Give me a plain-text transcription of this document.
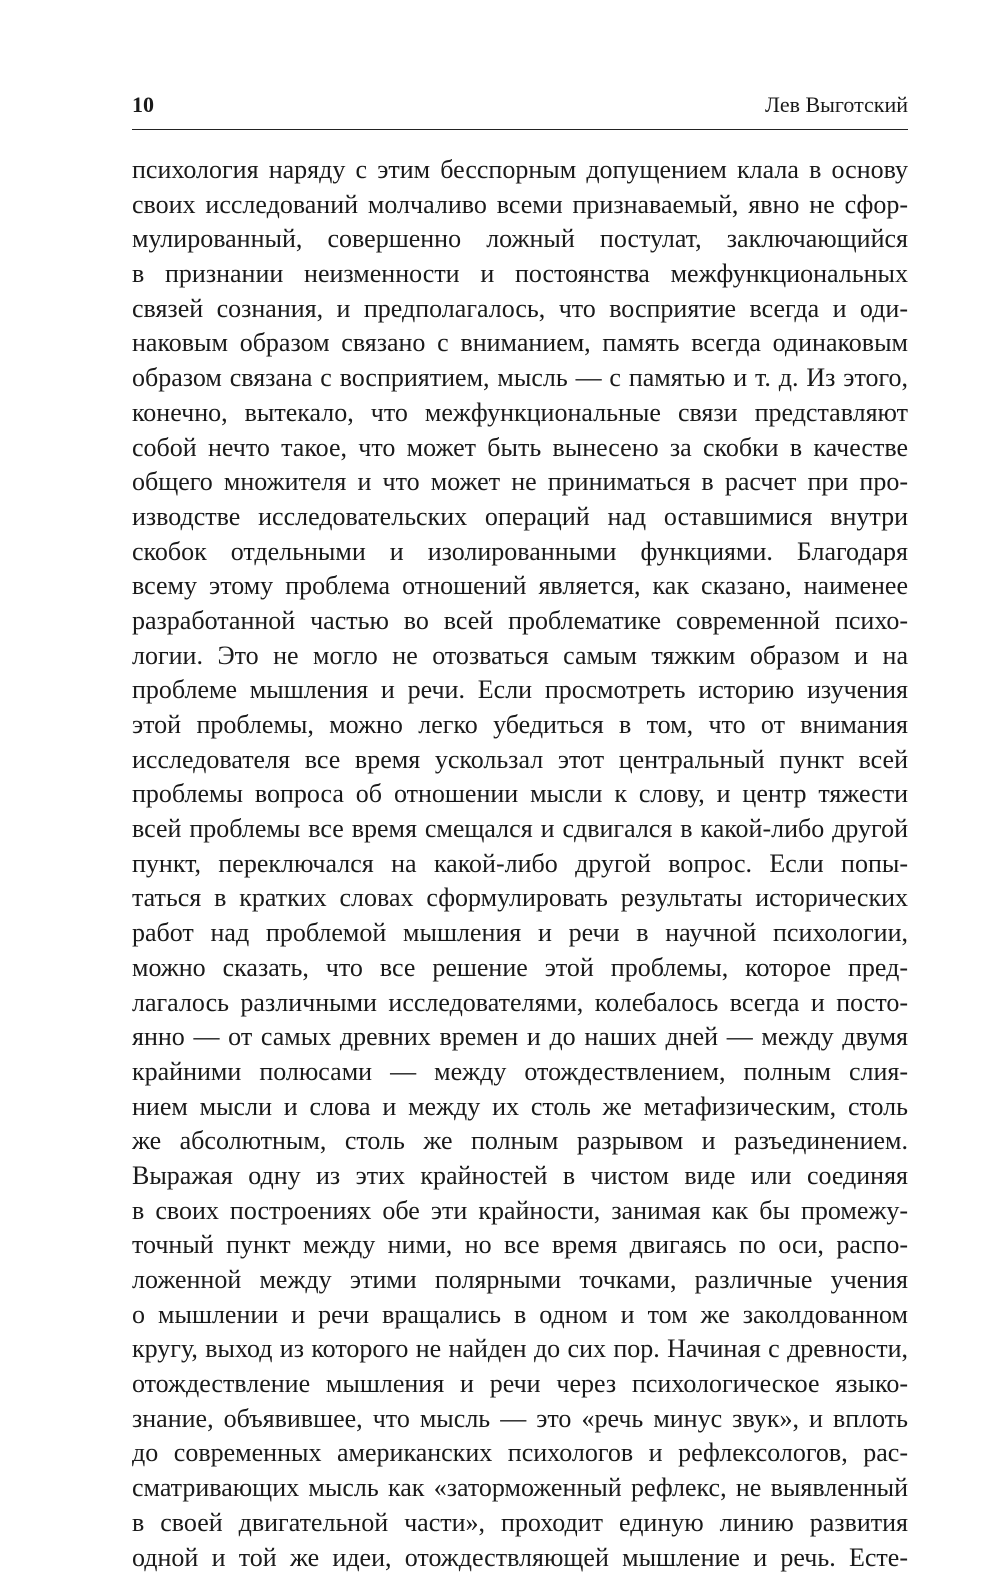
10	Лев Выготский
психология наряду с этим бесспорным допущением клала в основу
своих исследований молчаливо всеми признаваемый, явно не сфор-
мулированный, совершенно ложный постулат, заключающийся
в признании неизменности и постоянства межфункциональных
связей сознания, и предполагалось, что восприятие всегда и оди-
наковым образом связано с вниманием, память всегда одинаковым
образом связана с восприятием, мысль — с памятью и т. д. Из этого,
конечно, вытекало, что межфункциональные связи представляют
собой нечто такое, что может быть вынесено за скобки в качестве
общего множителя и что может не приниматься в расчет при про-
изводстве исследовательских операций над оставшимися внутри
скобок отдельными и изолированными функциями. Благодаря
всему этому проблема отношений является, как сказано, наименее
разработанной частью во всей проблематике современной психо-
логии. Это не могло не отозваться самым тяжким образом и на
проблеме мышления и речи. Если просмотреть историю изучения
этой проблемы, можно легко убедиться в том, что от внимания
исследователя все время ускользал этот центральный пункт всей
проблемы вопроса об отношении мысли к слову, и центр тяжести
всей проблемы все время смещался и сдвигался в какой-либо другой
пункт, переключался на какой-либо другой вопрос. Если попы-
таться в кратких словах сформулировать результаты исторических
работ над проблемой мышления и речи в научной психологии,
можно сказать, что все решение этой проблемы, которое пред-
лагалось различными исследователями, колебалось всегда и посто-
янно — от самых древних времен и до наших дней — между двумя
крайними полюсами — между отождествлением, полным слия-
нием мысли и слова и между их столь же метафизическим, столь
же абсолютным, столь же полным разрывом и разъединением.
Выражая одну из этих крайностей в чистом виде или соединяя
в своих построениях обе эти крайности, занимая как бы промежу-
точный пункт между ними, но все время двигаясь по оси, распо-
ложенной между этими полярными точками, различные учения
о мышлении и речи вращались в одном и том же заколдованном
кругу, выход из которого не найден до сих пор. Начиная с древности,
отождествление мышления и речи через психологическое языко-
знание, объявившее, что мысль — это «речь минус звук», и вплоть
до современных американских психологов и рефлексологов, рас-
сматривающих мысль как «заторможенный рефлекс, не выявленный
в своей двигательной части», проходит единую линию развития
одной и той же идеи, отождествляющей мышление и речь. Есте-
